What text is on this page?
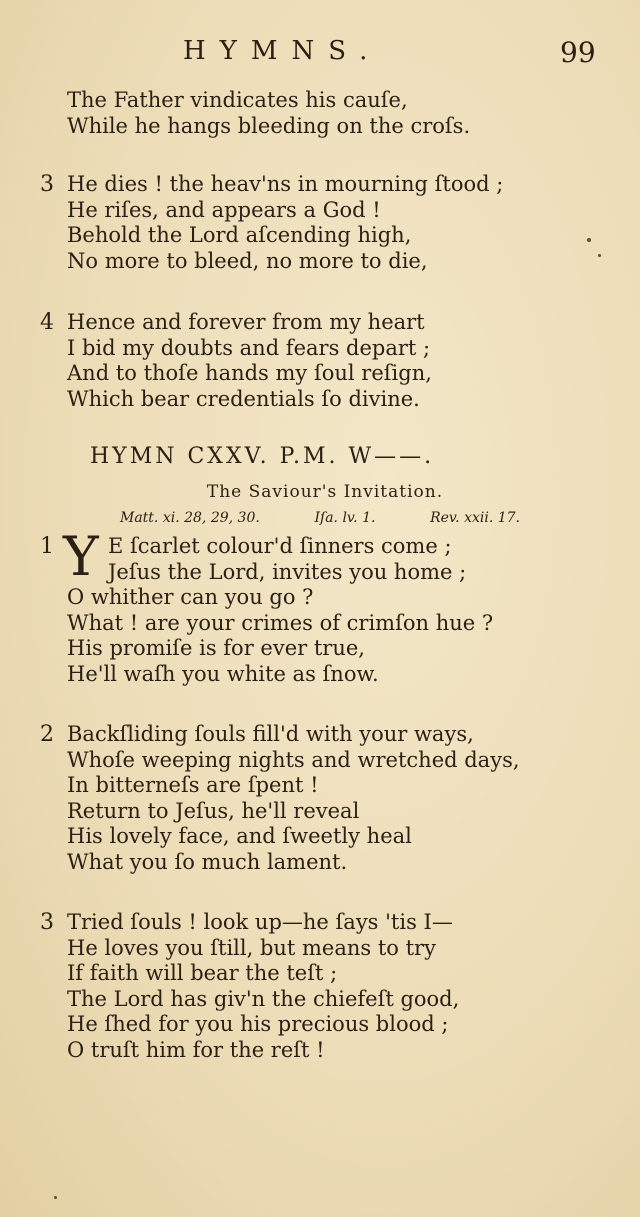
HYMNS.	99
The Father vindicates his cauſe,
While he hangs bleeding on the croſs.
3 He dies ! the heav'ns in mourning ſtood ;
He riſes, and appears a God !
Behold the Lord aſcending high,
No more to bleed, no more to die,
4 Hence and forever from my heart
I bid my doubts and fears depart ;
And to thoſe hands my ſoul reſign,
Which bear credentials ſo divine.
HYMN CXXV. P.M. W——.
The Saviour's Invitation.
Matt. xi. 28, 29, 30.	Iſa. lv. 1.	Rev. xxii. 17.
Y
1	E ſcarlet colour'd ſinners come ;
Jeſus the Lord, invites you home ;
O whither can you go ?
What ! are your crimes of crimſon hue ?
His promiſe is for ever true,
He'll waſh you white as ſnow.
2 Backſliding ſouls fill'd with your ways,
Whoſe weeping nights and wretched days,
In bitterneſs are ſpent !
Return to Jeſus, he'll reveal
His lovely face, and ſweetly heal
What you ſo much lament.
3 Tried ſouls ! look up—he ſays 'tis I—
He loves you ſtill, but means to try
If faith will bear the teſt ;
The Lord has giv'n the chiefeſt good,
He ſhed for you his precious blood ;
O truſt him for the reſt !
